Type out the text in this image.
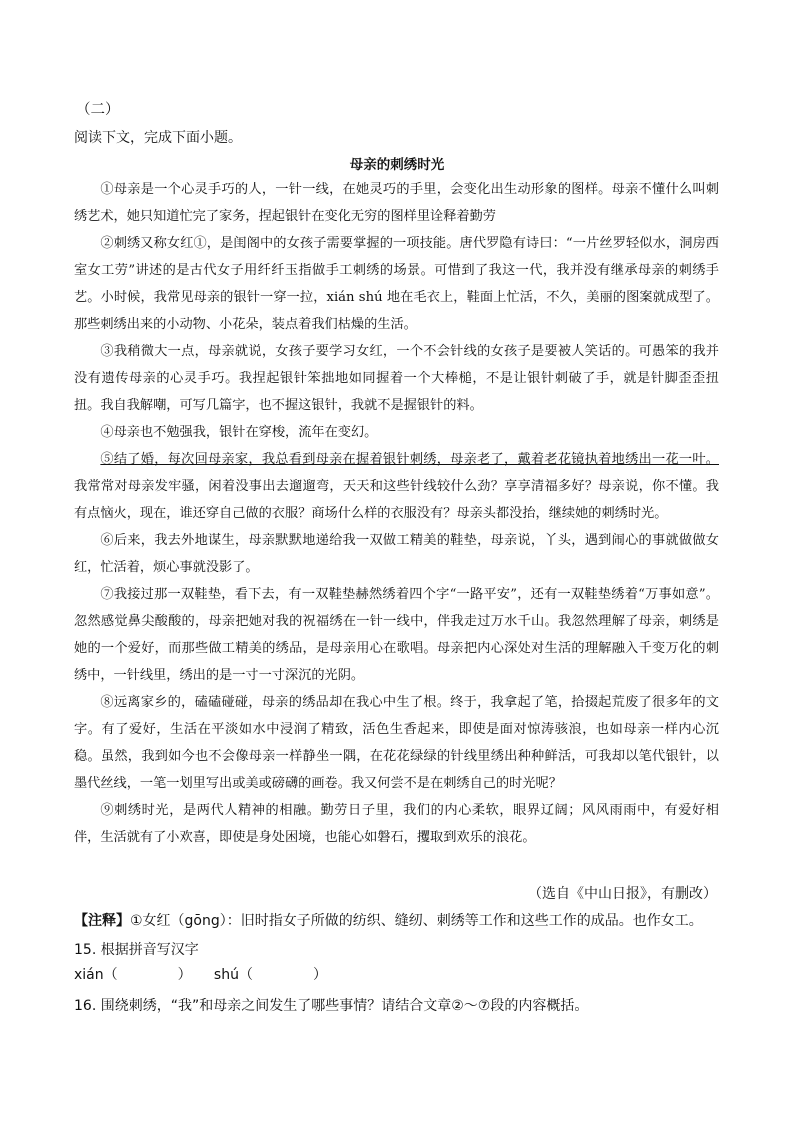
（二）
阅读下文，完成下面小题。
母亲的刺绣时光

①母亲是一个心灵手巧的人，一针一线，在她灵巧的手里，会变化出生动形象的图样。母亲不懂什么叫刺绣艺术，她只知道忙完了家务，捏起银针在变化无穷的图样里诠释着勤劳

②刺绣又称女红①，是闺阁中的女孩子需要掌握的一项技能。唐代罗隐有诗曰：“一片丝罗轻似水，洞房西室女工劳”讲述的是古代女子用纤纤玉指做手工刺绣的场景。可惜到了我这一代，我并没有继承母亲的刺绣手艺。小时候，我常见母亲的银针一穿一拉，xián shú 地在毛衣上，鞋面上忙活，不久，美丽的图案就成型了。那些刺绣出来的小动物、小花朵，装点着我们枯燥的生活。

③我稍微大一点，母亲就说，女孩子要学习女红，一个不会针线的女孩子是要被人笑话的。可愚笨的我并没有遗传母亲的心灵手巧。我捏起银针笨拙地如同握着一个大棒槌，不是让银针刺破了手，就是针脚歪歪扭扭。我自我解嘲，可写几篇字，也不握这银针，我就不是握银针的料。

④母亲也不勉强我，银针在穿梭，流年在变幻。

⑤结了婚，每次回母亲家，我总看到母亲在握着银针刺绣，母亲老了，戴着老花镜执着地绣出一花一叶。我常常对母亲发牢骚，闲着没事出去遛遛弯，天天和这些针线较什么劲？享享清福多好？母亲说，你不懂。我有点恼火，现在，谁还穿自己做的衣服？商场什么样的衣服没有？母亲头都没抬，继续她的刺绣时光。

⑥后来，我去外地谋生，母亲默默地递给我一双做工精美的鞋垫，母亲说，丫头，遇到闹心的事就做做女红，忙活着，烦心事就没影了。

⑦我接过那一双鞋垫，看下去，有一双鞋垫赫然绣着四个字“一路平安”，还有一双鞋垫绣着“万事如意”。忽然感觉鼻尖酸酸的，母亲把她对我的祝福绣在一针一线中，伴我走过万水千山。我忽然理解了母亲，刺绣是她的一个爱好，而那些做工精美的绣品，是母亲用心在歌唱。母亲把内心深处对生活的理解融入千变万化的刺绣中，一针线里，绣出的是一寸一寸深沉的光阴。

⑧远离家乡的，磕磕碰碰，母亲的绣品却在我心中生了根。终于，我拿起了笔，拾掇起荒废了很多年的文字。有了爱好，生活在平淡如水中浸润了精致，活色生香起来，即使是面对惊涛骇浪，也如母亲一样内心沉稳。虽然，我到如今也不会像母亲一样静坐一隅，在花花绿绿的针线里绣出种种鲜活，可我却以笔代银针，以墨代丝线，一笔一划里写出或美或磅礴的画卷。我又何尝不是在刺绣自己的时光呢？

⑨刺绣时光，是两代人精神的相融。勤劳日子里，我们的内心柔软，眼界辽阔；风风雨雨中，有爱好相伴，生活就有了小欢喜，即使是身处困境，也能心如磐石，攫取到欢乐的浪花。

（选自《中山日报》，有删改）
【注释】①女红（gōng）：旧时指女子所做的纺织、缝纫、刺绣等工作和这些工作的成品。也作女工。
15. 根据拼音写汉字
xián（	） shú（	）
16. 围绕刺绣，“我”和母亲之间发生了哪些事情？请结合文章②～⑦段的内容概括。
